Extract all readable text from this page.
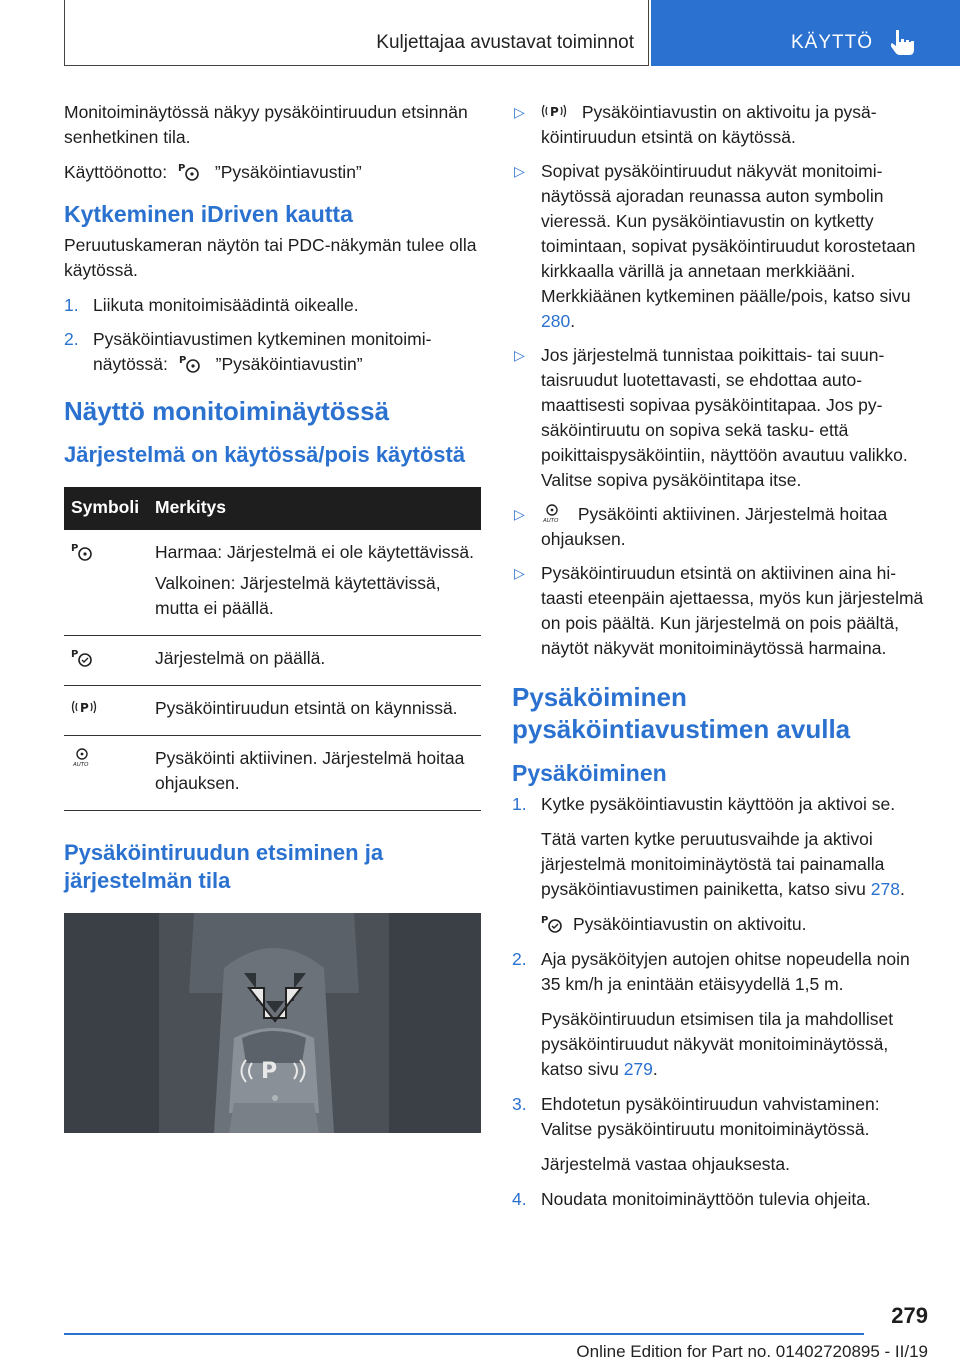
Kuljettajaa avustavat toiminnot	KÄYTTÖ

Monitoiminäytössä näkyy pysäköintiruudun etsinnän senhetkinen tila.

Käyttöönotto: P ”Pysäköintiavustin”

Kytkeminen iDriven kautta

Peruutuskameran näytön tai PDC-näkymän tulee olla käytössä.

1. Liikuta monitoimisäädintä oikealle.
2. Pysäköintiavustimen kytkeminen monitoiminäytössä: P ”Pysäköintiavustin”
Näyttö monitoiminäytössä
Järjestelmä on käytössä/pois käytöstä
Symboli Merkitys
P	Harmaa: Järjestelmä ei ole käytettävissä.

Valkoinen: Järjestelmä käytettävissä, mutta ei päällä.

P	Järjestelmä on päällä.

P	Pysäköintiruudun etsintä on käynnissä.

AUTO	Pysäköinti aktiivinen. Järjestelmä hoitaa ohjauksen.

Pysäköintiruudun etsiminen ja järjestelmän tila
P
▷ P Pysäköintiavustin on aktivoitu ja pysäköintiruudun etsintä on käytössä.
▷ Sopivat pysäköintiruudut näkyvät monitoiminäytössä ajoradan reunassa auton symbolin vieressä. Kun pysäköintiavustin on kytketty toimintaan, sopivat pysäköintiruudut korostetaan kirkkaalla värillä ja annetaan merkkiääni. Merkkiäänen kytkeminen päälle/pois, katso sivu 280.
▷ Jos järjestelmä tunnistaa poikittais- tai suuntaisruudut luotettavasti, se ehdottaa automaattisesti sopivaa pysäköintitapaa. Jos pysäköintiruutu on sopiva sekä tasku- että poikittaispysäköintiin, näyttöön avautuu valikko. Valitse sopiva pysäköintitapa itse.
▷	AUTO Pysäköinti aktiivinen. Järjestelmä hoitaa ohjauksen.
▷ Pysäköintiruudun etsintä on aktiivinen aina hitaasti eteenpäin ajettaessa, myös kun järjestelmä on pois päältä. Kun järjestelmä on pois päältä, näytöt näkyvät monitoiminäytössä harmaina.
Pysäköiminen pysäköintiavustimen avulla
Pysäköiminen
1. Kytke pysäköintiavustin käyttöön ja aktivoi se.

Tätä varten kytke peruutusvaihde ja aktivoi järjestelmä monitoiminäytöstä tai painamalla pysäköintiavustimen painiketta, katso sivu 278.

P Pysäköintiavustin on aktivoitu.

2. Aja pysäköityjen autojen ohitse nopeudella noin 35 km/h ja enintään etäisyydellä 1,5 m.

Pysäköintiruudun etsimisen tila ja mahdolliset pysäköintiruudut näkyvät monitoiminäytössä, katso sivu 279.

3. Ehdotetun pysäköintiruudun vahvistaminen: Valitse pysäköintiruutu monitoiminäytössä.

Järjestelmä vastaa ohjauksesta.

4. Noudata monitoiminäyttöön tulevia ohjeita.

279
Online Edition for Part no. 01402720895 - II/19
